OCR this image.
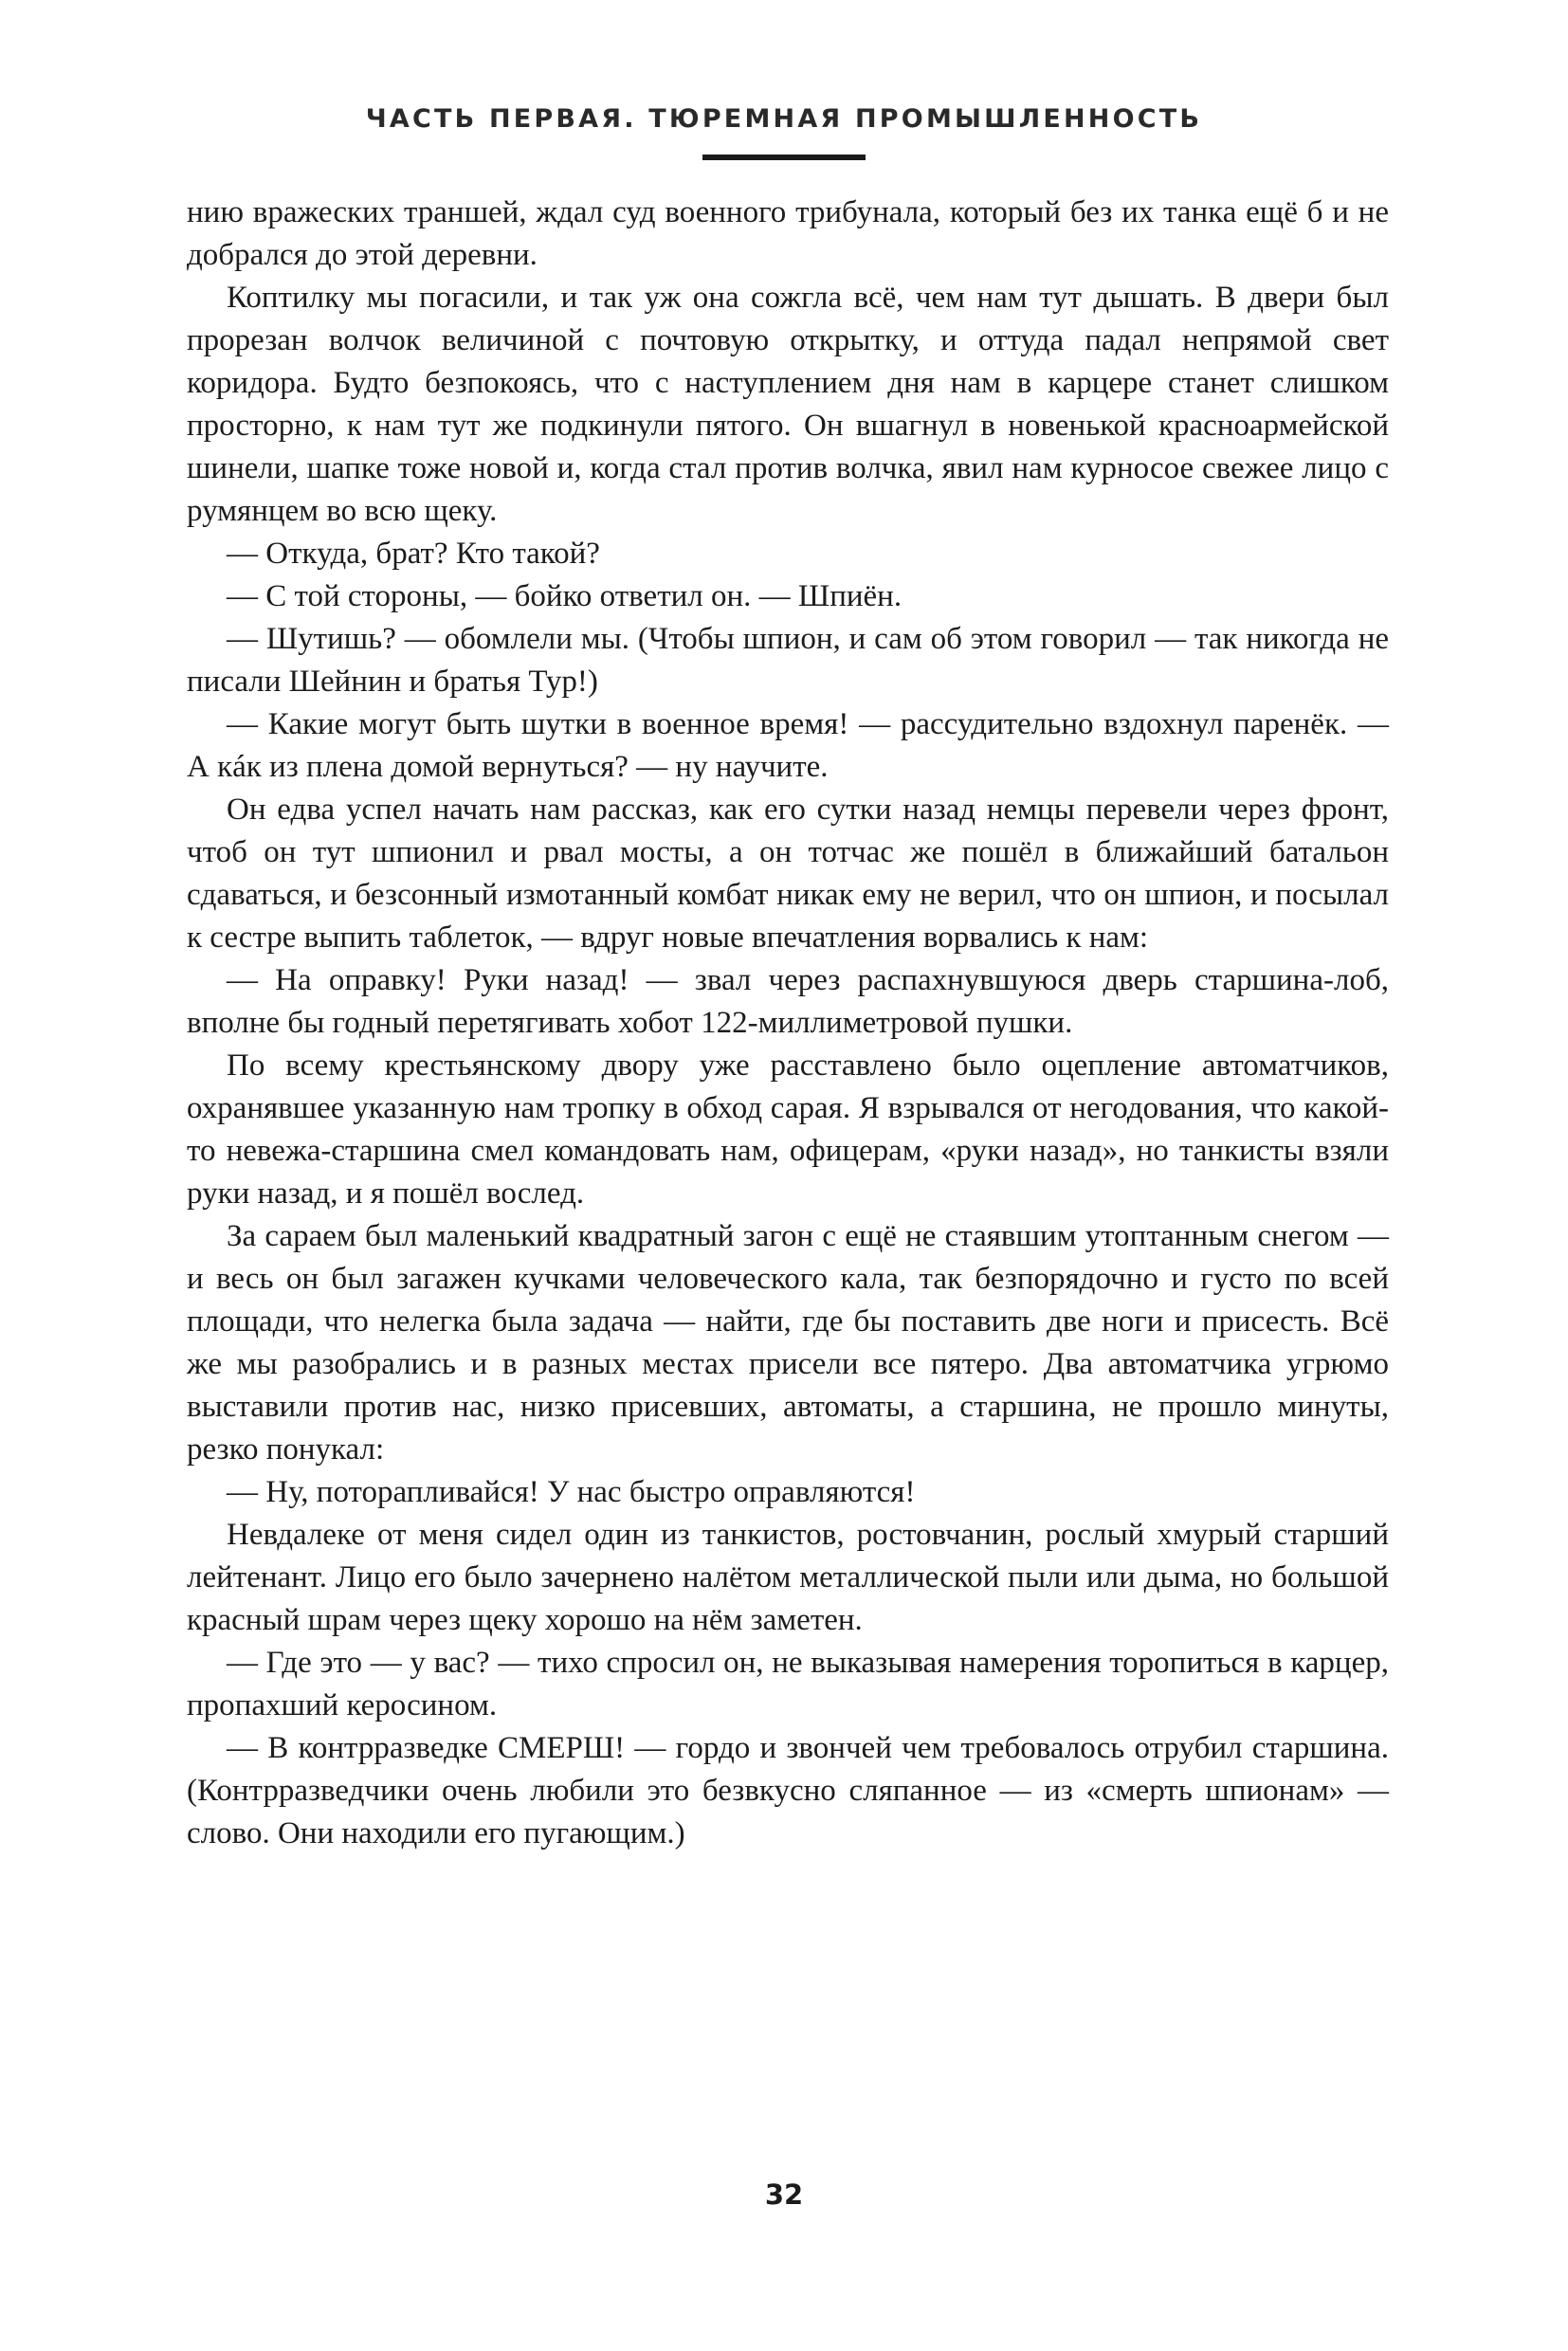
ЧАСТЬ ПЕРВАЯ. ТЮРЕМНАЯ ПРОМЫШЛЕННОСТЬ

нию вражеских траншей, ждал суд военного трибунала, который без их танка ещё б и не добрался до этой деревни.

Коптилку мы погасили, и так уж она сожгла всё, чем нам тут дышать. В двери был прорезан волчок величиной с почтовую открытку, и оттуда падал непрямой свет коридора. Будто безпокоясь, что с наступлением дня нам в карцере станет слишком просторно, к нам тут же подкинули пятого. Он вшагнул в новенькой красноармейской шинели, шапке тоже новой и, когда стал против волчка, явил нам курносое свежее лицо с румянцем во всю щеку.

— Откуда, брат? Кто такой?

— С той стороны, — бойко ответил он. — Шпиён.

— Шутишь? — обомлели мы. (Чтобы шпион, и сам об этом говорил — так никогда не писали Шейнин и братья Тур!)

— Какие могут быть шутки в военное время! — рассудительно вздохнул паренёк. — А кáк из плена домой вернуться? — ну научите.

Он едва успел начать нам рассказ, как его сутки назад немцы перевели через фронт, чтоб он тут шпионил и рвал мосты, а он тотчас же пошёл в ближайший батальон сдаваться, и безсонный измотанный комбат никак ему не верил, что он шпион, и посылал к сестре выпить таблеток, — вдруг новые впечатления ворвались к нам:

— На оправку! Руки назад! — звал через распахнувшуюся дверь старшина-лоб, вполне бы годный перетягивать хобот 122-миллиметровой пушки.

По всему крестьянскому двору уже расставлено было оцепление автоматчиков, охранявшее указанную нам тропку в обход сарая. Я взрывался от негодования, что какой-то невежа-старшина смел командовать нам, офицерам, «руки назад», но танкисты взяли руки назад, и я пошёл вослед.

За сараем был маленький квадратный загон с ещё не стаявшим утоптанным снегом — и весь он был загажен кучками человеческого кала, так безпорядочно и густо по всей площади, что нелегка была задача — найти, где бы поставить две ноги и присесть. Всё же мы разобрались и в разных местах присели все пятеро. Два автоматчика угрюмо выставили против нас, низко присевших, автоматы, а старшина, не прошло минуты, резко понукал:

— Ну, поторапливайся! У нас быстро оправляются!

Невдалеке от меня сидел один из танкистов, ростовчанин, рослый хмурый старший лейтенант. Лицо его было зачернено налётом металлической пыли или дыма, но большой красный шрам через щеку хорошо на нём заметен.

— Где это — у вас? — тихо спросил он, не выказывая намерения торопиться в карцер, пропахший керосином.

— В контрразведке СМЕРШ! — гордо и звончей чем требовалось отрубил старшина. (Контрразведчики очень любили это безвкусно сляпанное — из «смерть шпионам» — слово. Они находили его пугающим.)

32
